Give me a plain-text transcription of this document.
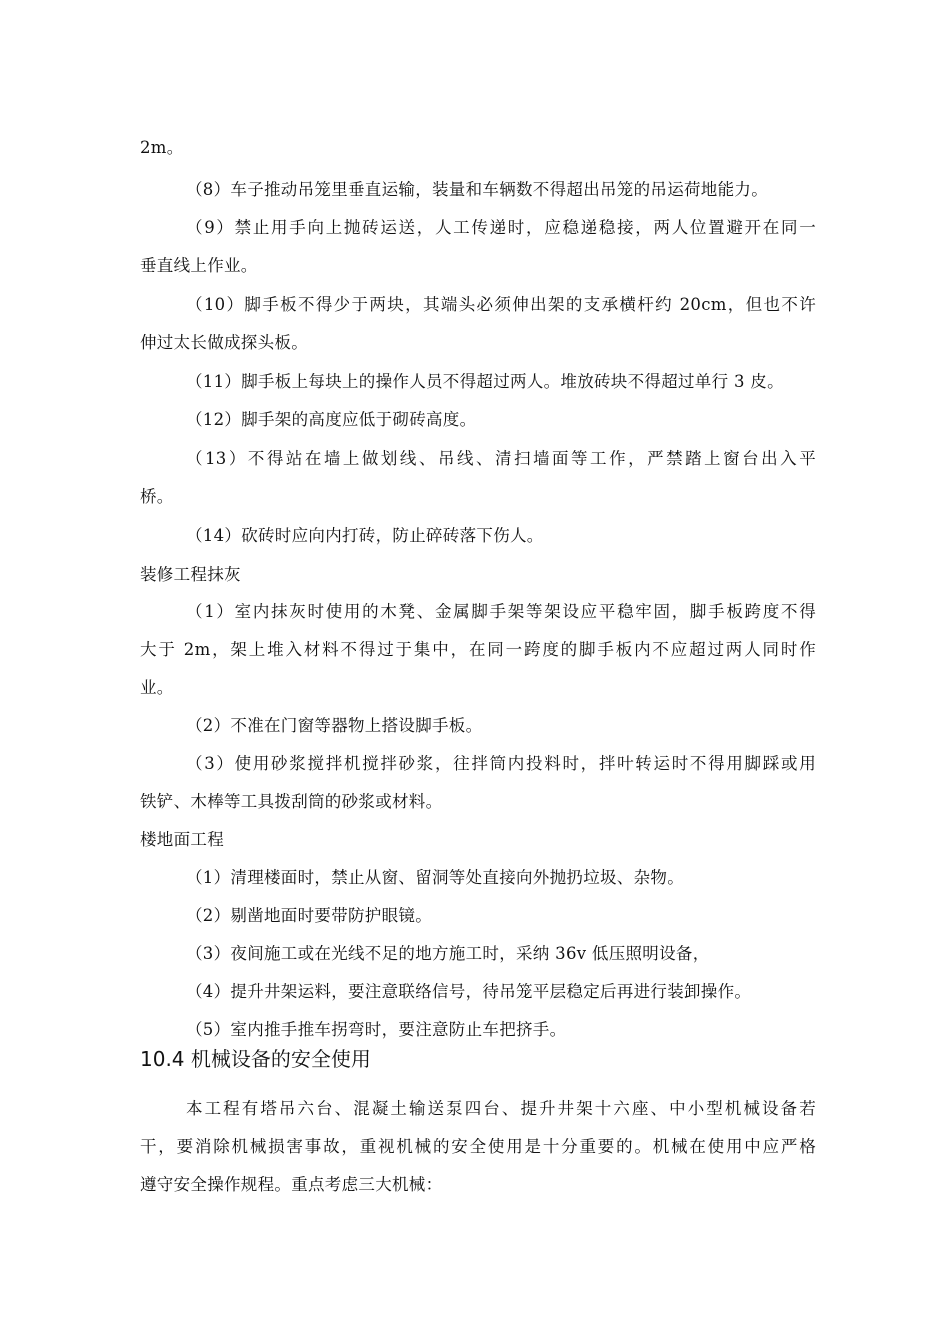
2m。
（8）车子推动吊笼里垂直运输，装量和车辆数不得超出吊笼的吊运荷地能力。
（9）禁止用手向上抛砖运送，人工传递时，应稳递稳接，两人位置避开在同一
垂直线上作业。
（10）脚手板不得少于两块，其端头必须伸出架的支承横杆约 20cm，但也不许
伸过太长做成探头板。
（11）脚手板上每块上的操作人员不得超过两人。堆放砖块不得超过单行 3 皮。
（12）脚手架的高度应低于砌砖高度。
（13）不得站在墙上做划线、吊线、清扫墙面等工作，严禁踏上窗台出入平
桥。
（14）砍砖时应向内打砖，防止碎砖落下伤人。
装修工程抹灰
（1）室内抹灰时使用的木凳、金属脚手架等架设应平稳牢固，脚手板跨度不得
大于 2m，架上堆入材料不得过于集中，在同一跨度的脚手板内不应超过两人同时作
业。
（2）不准在门窗等器物上搭设脚手板。
（3）使用砂浆搅拌机搅拌砂浆，往拌筒内投料时，拌叶转运时不得用脚踩或用
铁铲、木棒等工具拨刮筒的砂浆或材料。
楼地面工程
（1）清理楼面时，禁止从窗、留洞等处直接向外抛扔垃圾、杂物。
（2）剔凿地面时要带防护眼镜。
（3）夜间施工或在光线不足的地方施工时，采纳 36v 低压照明设备，
（4）提升井架运料，要注意联络信号，待吊笼平层稳定后再进行装卸操作。
（5）室内推手推车拐弯时，要注意防止车把挤手。
10.4 机械设备的安全使用
本工程有塔吊六台、混凝土输送泵四台、提升井架十六座、中小型机械设备若
干，要消除机械损害事故，重视机械的安全使用是十分重要的。机械在使用中应严格
遵守安全操作规程。重点考虑三大机械：
